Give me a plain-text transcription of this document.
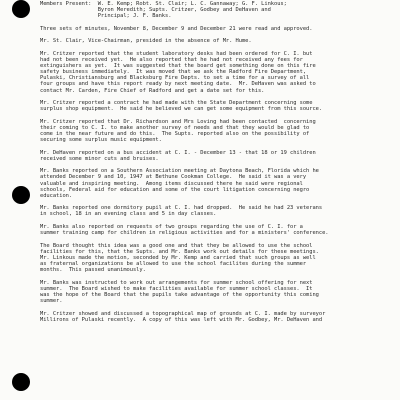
Members Present:  W. E. Kemp; Robt. St. Clair; L. C. Gannaway; G. F. Linkous;
Byron Meredith; Supts. Critzer, Godbey and DeHaven and
Principal; J. F. Banks.
Three sets of minutes, November 8, December 9 and December 21 were read and approved.
Mr. St. Clair, Vice-Chairman, presided in the absence of Mr. Hume.
Mr. Critzer reported that the student laboratory desks had been ordered for C. I. but
had not been received yet.  He also reported that he had not received any fees for
extinguishers as yet.  It was suggested that the board get something done on this fire
safety business immediately.  It was moved that we ask the Radford Fire Department,
Pulaski, Christiansburg and Blacksburg Fire Depts. to set a time for a survey of all
four groups and have this report ready by next meeting date.  Mr. DeHaven was asked to
contact Mr. Carden, Fire Chief of Radford and get a date set for this.
Mr. Critzer reported a contract he had made with the State Department concerning some
surplus shop equipment.  He said he believed we can get some equipment from this source.
Mr. Critzer reported that Dr. Richardson and Mrs Loving had been contacted  concerning
their coming to C. I. to make another survey of needs and that they would be glad to
come in the near future and do this.  The Supts. reported also on the possibility of
securing some surplus music equipment.
Mr. DeHaven reported on a bus accident at C. I. - December 13 - that 18 or 19 children
received some minor cuts and bruises.
Mr. Banks reported on a Southern Association meeting at Daytona Beach, Florida which he
attended December 9 and 10, 1947 at Bethune Cookman College.  He said it was a very
valuable and inspiring meeting.  Among items discussed there he said were regional
schools, Federal aid for education and some of the court litigation concerning negro
education.
Mr. Banks reported one dormitory pupil at C. I. had dropped.  He said he had 23 veterans
in school, 18 in an evening class and 5 in day classes.
Mr. Banks also reported on requests of two groups regarding the use of C. I. for a
summer training camp for children in religious activities and for a ministers' conference.
The Board thought this idea was a good one and that they be allowed to use the school
facilities for this, that the Supts. and Mr. Banks work out details for these meetings.
Mr. Linkous made the motion, seconded by Mr. Kemp and carried that such groups as well
as fraternal organizations be allowed to use the school facilites during the summer
months.  This passed unanimously.
Mr. Banks was instructed to work out arrangements for summer school offering for next
summer.  The Board wished to make facilities available for summer school classes.  It
was the hope of the Board that the pupils take advantage of the opportunity this coming
summer.
Mr. Critzer showed and discussed a topographical map of grounds at C. I. made by surveyor
Millirons of Pulaski recently.  A copy of this was left with Mr. Godbey, Mr. DeHaven and
